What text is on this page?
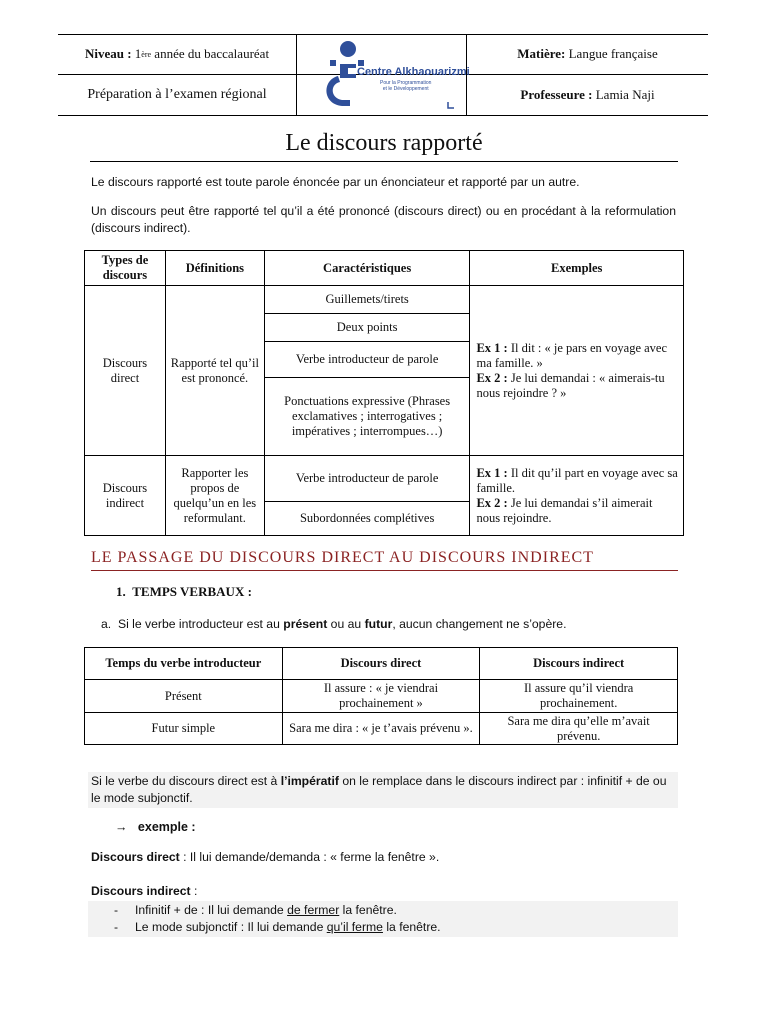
Niveau :
1 ère
année du baccalauréat
Préparation à l’examen régional
Centre Alkhaouarizmi
Pour la Programmation
et le Développement
Matière:
Langue française
Professeure :
Lamia Naji
Le discours rapporté
Le discours rapporté est toute parole énoncée par un énonciateur et rapporté par un autre.
Un discours peut être rapporté tel qu’il a été prononcé (discours direct) ou en procédant à la reformulation (discours indirect).
Types de discours	Définitions	Caractéristiques	Exemples
Discours direct	Rapporté tel qu’il est prononcé.	Guillemets/tirets	Ex 1 : Il dit : « je pars en voyage avec ma famille. »
Ex 2 : Je lui demandai : « aimerais-tu nous rejoindre ? »
		Deux points	
		Verbe introducteur de parole	
		Ponctuations expressive (Phrases exclamatives ; interrogatives ; impératives ; interrompues…)	
Discours indirect	Rapporter les propos de quelqu’un en les reformulant.	Verbe introducteur de parole	Ex 1 : Il dit qu’il part en voyage avec sa famille.
Ex 2 : Je lui demandai s’il aimerait nous rejoindre.
		Subordonnées complétives	
LE PASSAGE DU DISCOURS DIRECT AU DISCOURS INDIRECT
1. TEMPS VERBAUX :
a. Si le verbe introducteur est au présent ou au futur, aucun changement ne s’opère.
Temps du verbe introducteur	Discours direct	Discours indirect
Présent	Il assure : « je viendrai prochainement »	Il assure qu’il viendra prochainement.
Futur simple	Sara me dira : « je t’avais prévenu ».	Sara me dira qu’elle m’avait prévenu.
Si le verbe du discours direct est à l’impératif on le remplace dans le discours indirect par : infinitif + de ou le mode subjonctif.
→ exemple :
Discours direct : Il lui demande/demanda : « ferme la fenêtre ».
Discours indirect :
- Infinitif + de : Il lui demande de fermer la fenêtre.
- Le mode subjonctif : Il lui demande qu’il ferme la fenêtre.
